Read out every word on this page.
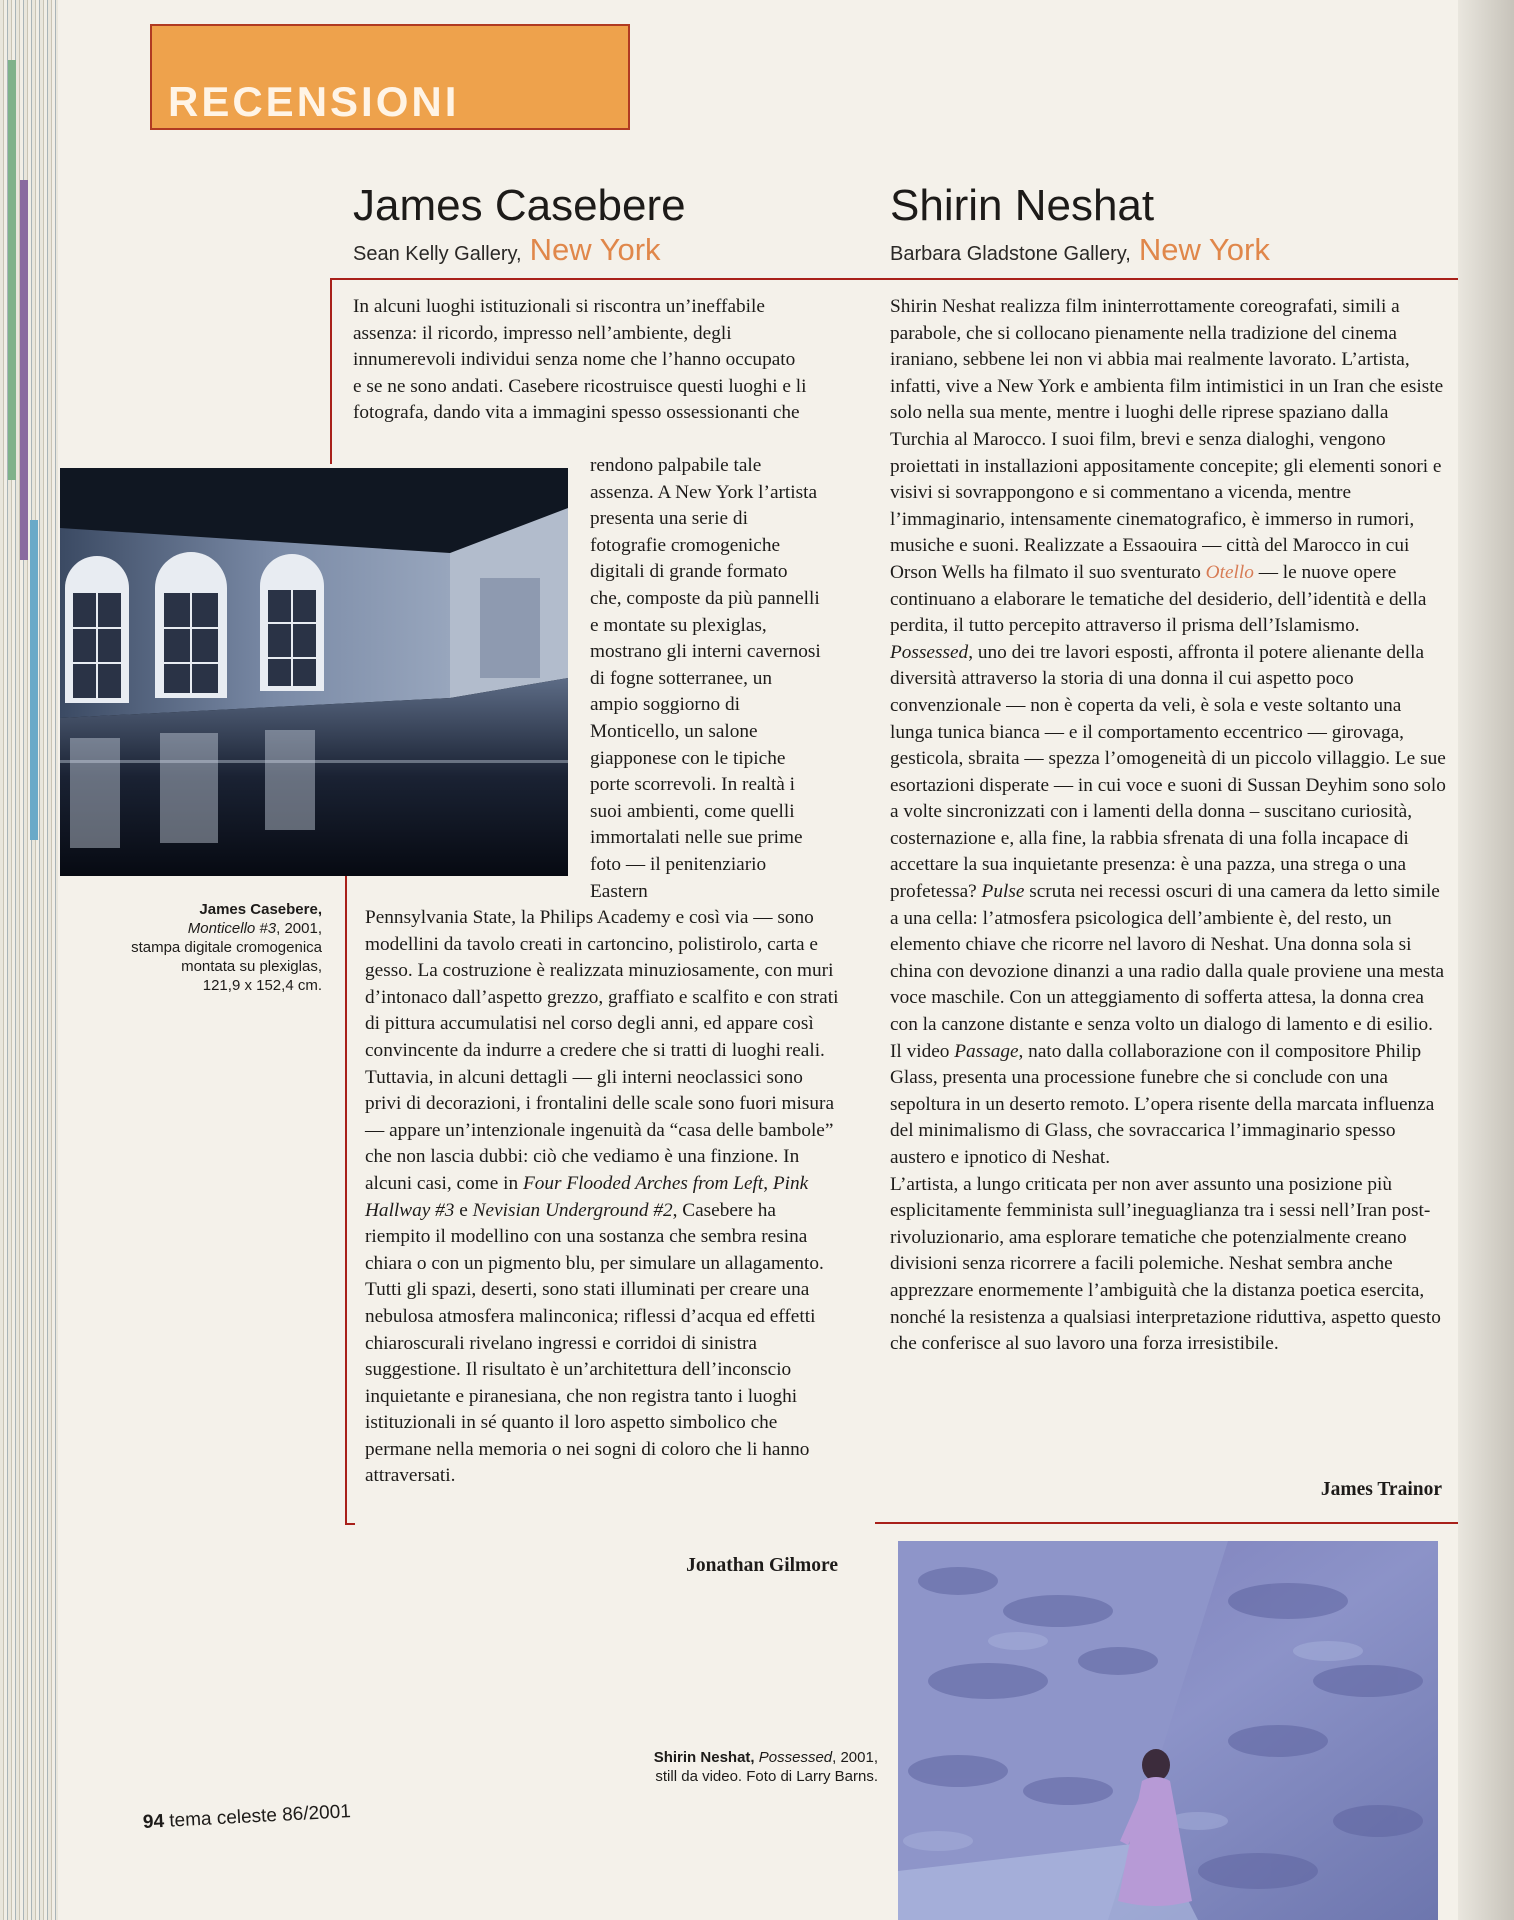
RECENSIONI
James Casebere
Sean Kelly Gallery, New York
Shirin Neshat
Barbara Gladstone Gallery, New York
In alcuni luoghi istituzionali si riscontra un’ineffabile assenza: il ricordo, impresso nell’ambiente, degli innumerevoli individui senza nome che l’hanno occupato e se ne sono andati. Casebere ricostruisce questi luoghi e li fotografa, dando vita a immagini spesso ossessionanti che
rendono palpabile tale assenza. A New York l’artista presenta una serie di fotografie cromogeniche digitali di grande formato che, composte da più pannelli e montate su plexiglas, mostrano gli interni cavernosi di fogne sotterranee, un ampio soggiorno di Monticello, un salone giapponese con le tipiche porte scorrevoli. In realtà i suoi ambienti, come quelli immortalati nelle sue prime foto — il penitenziario Eastern
Pennsylvania State, la Philips Academy e così via — sono modellini da tavolo creati in cartoncino, polistirolo, carta e gesso. La costruzione è realizzata minuziosamente, con muri d’intonaco dall’aspetto grezzo, graffiato e scalfito e con strati di pittura accumulatisi nel corso degli anni, ed appare così convincente da indurre a credere che si tratti di luoghi reali. Tuttavia, in alcuni dettagli — gli interni neoclassici sono privi di decorazioni, i frontalini delle scale sono fuori misura — appare un’intenzionale ingenuità da “casa delle bambole” che non lascia dubbi: ciò che vediamo è una finzione. In alcuni casi, come in Four Flooded Arches from Left, Pink Hallway #3 e Nevisian Underground #2, Casebere ha riempito il modellino con una sostanza che sembra resina chiara o con un pigmento blu, per simulare un allagamento. Tutti gli spazi, deserti, sono stati illuminati per creare una nebulosa atmosfera malinconica; riflessi d’acqua ed effetti chiaroscurali rivelano ingressi e corridoi di sinistra suggestione. Il risultato è un’architettura dell’inconscio inquietante e piranesiana, che non registra tanto i luoghi istituzionali in sé quanto il loro aspetto simbolico che permane nella memoria o nei sogni di coloro che li hanno attraversati.
Jonathan Gilmore
James Casebere,
Monticello #3, 2001,
stampa digitale cromogenica
montata su plexiglas,
121,9 x 152,4 cm.

Shirin Neshat realizza film ininterrottamente coreografati, simili a parabole, che si collocano pienamente nella tradizione del cinema iraniano, sebbene lei non vi abbia mai realmente lavorato. L’artista, infatti, vive a New York e ambienta film intimistici in un Iran che esiste solo nella sua mente, mentre i luoghi delle riprese spaziano dalla Turchia al Marocco. I suoi film, brevi e senza dialoghi, vengono proiettati in installazioni appositamente concepite; gli elementi sonori e visivi si sovrappongono e si commentano a vicenda, mentre l’immaginario, intensamente cinematografico, è immerso in rumori, musiche e suoni. Realizzate a Essaouira — città del Marocco in cui Orson Wells ha filmato il suo sventurato Otello — le nuove opere continuano a elaborare le tematiche del desiderio, dell’identità e della perdita, il tutto percepito attraverso il prisma dell’Islamismo. Possessed, uno dei tre lavori esposti, affronta il potere alienante della diversità attraverso la storia di una donna il cui aspetto poco convenzionale — non è coperta da veli, è sola e veste soltanto una lunga tunica bianca — e il comportamento eccentrico — girovaga, gesticola, sbraita — spezza l’omogeneità di un piccolo villaggio. Le sue esortazioni disperate — in cui voce e suoni di Sussan Deyhim sono solo a volte sincronizzati con i lamenti della donna – suscitano curiosità, costernazione e, alla fine, la rabbia sfrenata di una folla incapace di accettare la sua inquietante presenza: è una pazza, una strega o una profetessa? Pulse scruta nei recessi oscuri di una camera da letto simile a una cella: l’atmosfera psicologica dell’ambiente è, del resto, un elemento chiave che ricorre nel lavoro di Neshat. Una donna sola si china con devozione dinanzi a una radio dalla quale proviene una mesta voce maschile. Con un atteggiamento di sofferta attesa, la donna crea con la canzone distante e senza volto un dialogo di lamento e di esilio.

Il video Passage, nato dalla collaborazione con il compositore Philip Glass, presenta una processione funebre che si conclude con una sepoltura in un deserto remoto. L’opera risente della marcata influenza del minimalismo di Glass, che sovraccarica l’immaginario spesso austero e ipnotico di Neshat.

L’artista, a lungo criticata per non aver assunto una posizione più esplicitamente femminista sull’ineguaglianza tra i sessi nell’Iran post-rivoluzionario, ama esplorare tematiche che potenzialmente creano divisioni senza ricorrere a facili polemiche. Neshat sembra anche apprezzare enormemente l’ambiguità che la distanza poetica esercita, nonché la resistenza a qualsiasi interpretazione riduttiva, aspetto questo che conferisce al suo lavoro una forza irresistibile.

James Trainor
Shirin Neshat, Possessed, 2001,
still da video. Foto di Larry Barns.
94 tema celeste 86/2001
